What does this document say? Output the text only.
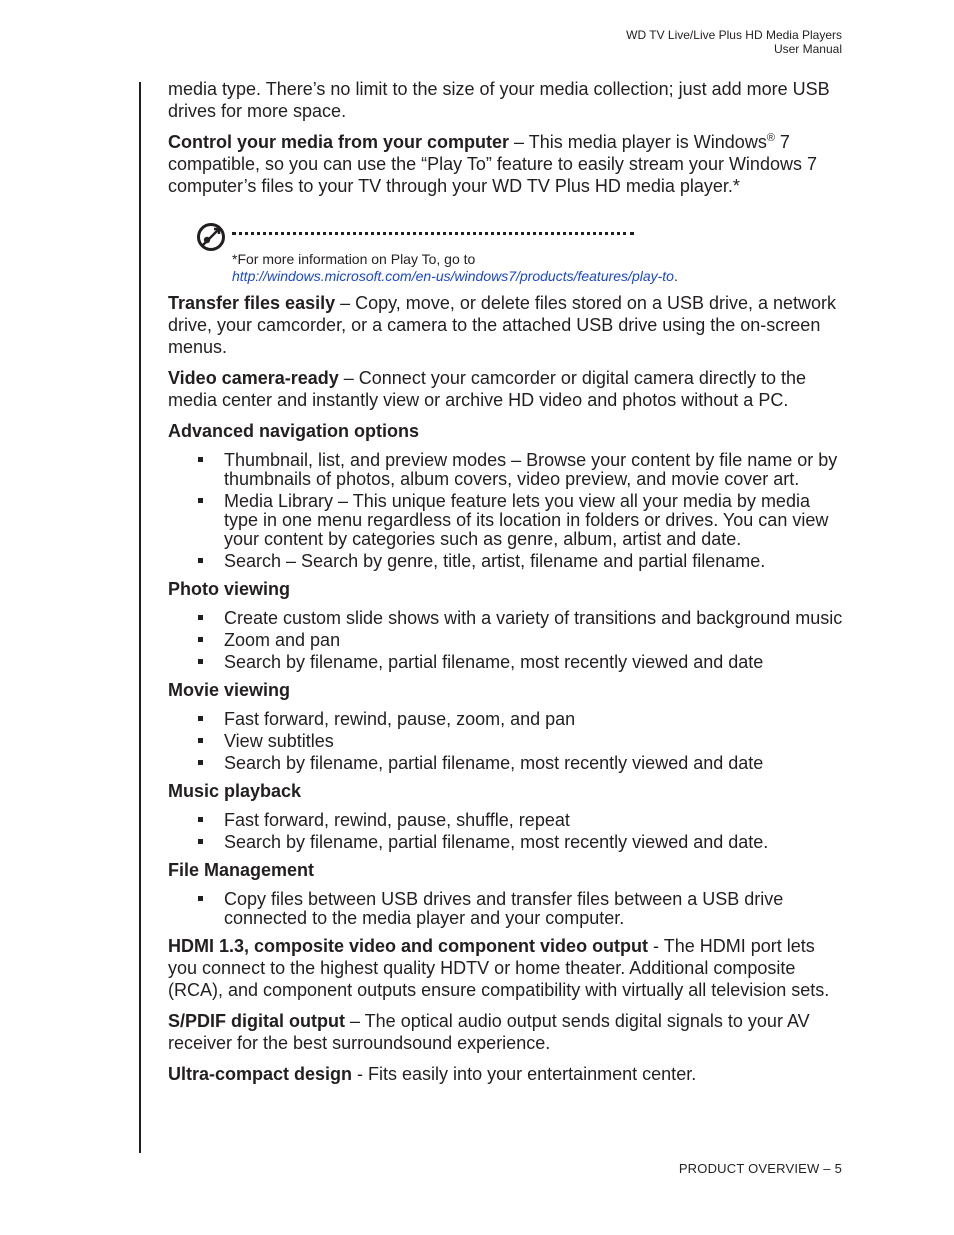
WD TV Live/Live Plus HD Media Players
User Manual

media type. There’s no limit to the size of your media collection; just add more USB drives for more space.

Control your media from your computer – This media player is Windows® 7 compatible, so you can use the “Play To” feature to easily stream your Windows 7 computer’s files to your TV through your WD TV Plus HD media player.*

*For more information on Play To, go to
http://windows.microsoft.com/en-us/windows7/products/features/play-to.

Transfer files easily – Copy, move, or delete files stored on a USB drive, a network drive, your camcorder, or a camera to the attached USB drive using the on-screen menus.

Video camera-ready – Connect your camcorder or digital camera directly to the media center and instantly view or archive HD video and photos without a PC.

Advanced navigation options
Thumbnail, list, and preview modes – Browse your content by file name or by thumbnails of photos, album covers, video preview, and movie cover art.
Media Library – This unique feature lets you view all your media by media type in one menu regardless of its location in folders or drives. You can view your content by categories such as genre, album, artist and date.
Search – Search by genre, title, artist, filename and partial filename.
Photo viewing
Create custom slide shows with a variety of transitions and background music
Zoom and pan
Search by filename, partial filename, most recently viewed and date
Movie viewing
Fast forward, rewind, pause, zoom, and pan
View subtitles
Search by filename, partial filename, most recently viewed and date
Music playback
Fast forward, rewind, pause, shuffle, repeat
Search by filename, partial filename, most recently viewed and date.
File Management
Copy files between USB drives and transfer files between a USB drive connected to the media player and your computer.

HDMI 1.3, composite video and component video output - The HDMI port lets you connect to the highest quality HDTV or home theater. Additional composite (RCA), and component outputs ensure compatibility with virtually all television sets.

S/PDIF digital output – The optical audio output sends digital signals to your AV receiver for the best surroundsound experience.

Ultra-compact design - Fits easily into your entertainment center.

PRODUCT OVERVIEW – 5
